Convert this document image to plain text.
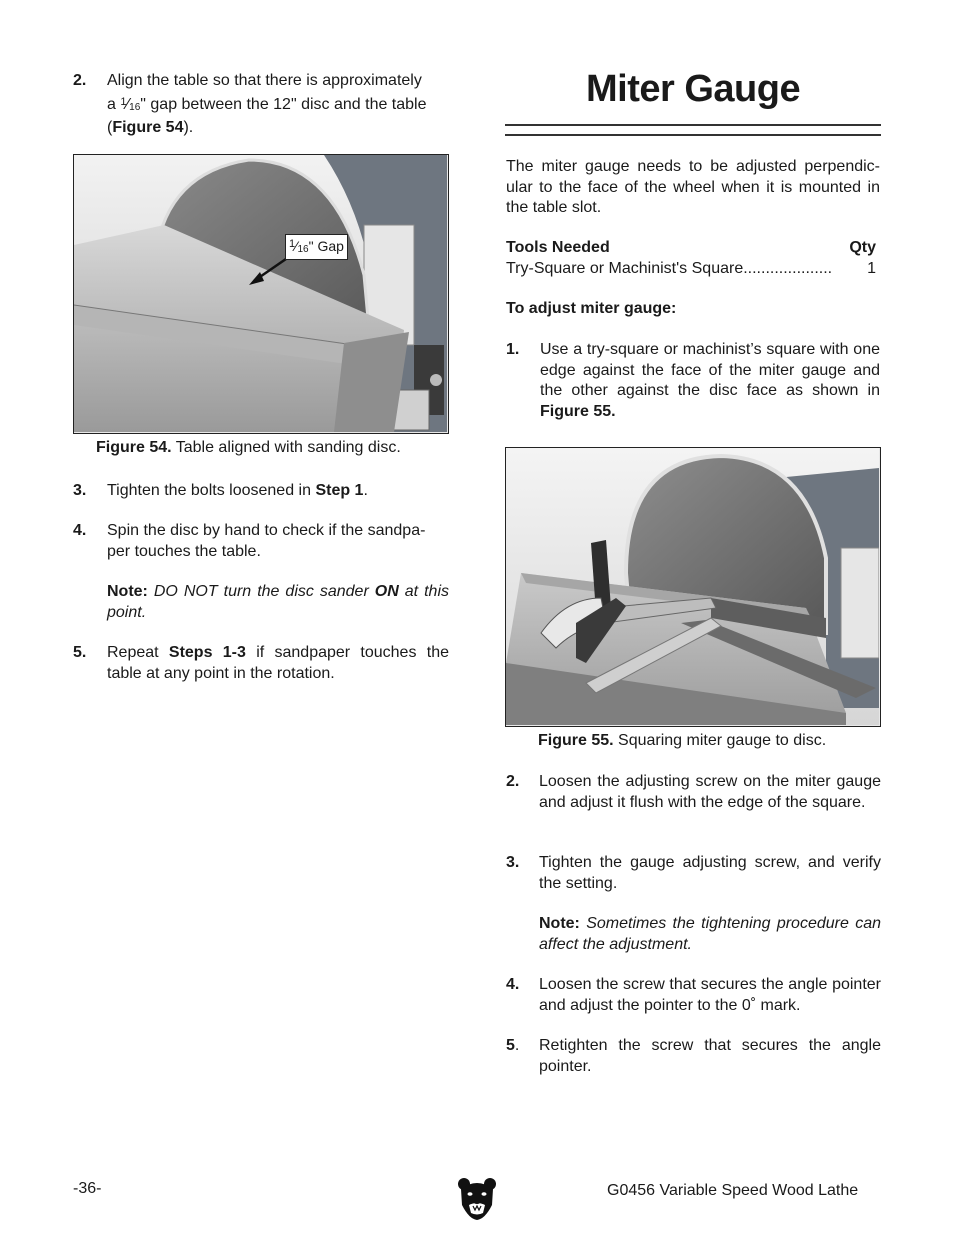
2. Align the table so that there is approximately
a $^1$⁄16" gap between the 12" disc and the table
(Figure 54).
$^1$⁄16" Gap
Figure 54. Table aligned with sanding disc.
3. Tighten the bolts loosened in Step 1.
4. Spin the disc by hand to check if the sandpa-
per touches the table.
Note: DO NOT turn the disc sander ON at this point.
5. Repeat Steps 1-3 if sandpaper touches the table at any point in the rotation.
Miter Gauge
The miter gauge needs to be adjusted perpendic-ular to the face of the wheel when it is mounted in the table slot.
Tools Needed	Qty
Try-Square or Machinist's Square.................... 1
To adjust miter gauge:
1. Use a try-square or machinist’s square with one edge against the face of the miter gauge and the other against the disc face as shown in Figure 55.
Figure 55. Squaring miter gauge to disc.
2. Loosen the adjusting screw on the miter gauge and adjust it flush with the edge of the square.
3. Tighten the gauge adjusting screw, and verify the setting.
Note: Sometimes the tightening procedure can affect the adjustment.
4. Loosen the screw that secures the angle pointer and adjust the pointer to the 0˚ mark.
5. Retighten the screw that secures the angle pointer.
-36-	G0456 Variable Speed Wood Lathe
